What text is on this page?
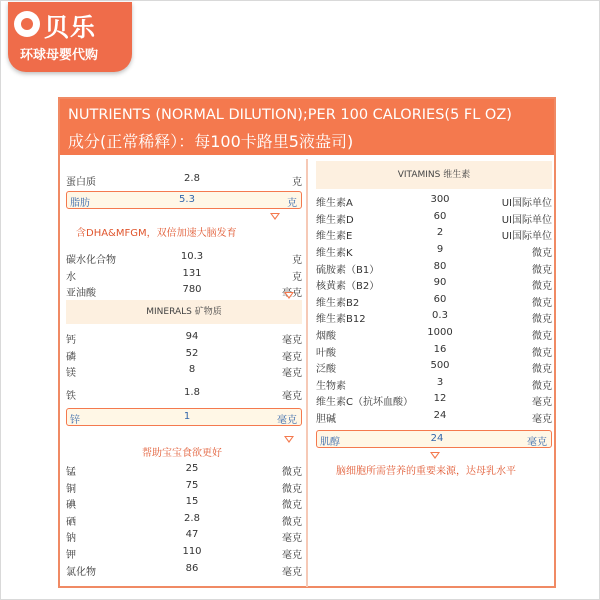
贝乐
环球母婴代购
NUTRIENTS (NORMAL DILUTION);PER 100 CALORIES(5 FL OZ)
成分(正常稀释）：每100卡路里5液盎司)
蛋白质	2.8	克
脂肪	5.3	克
含DHA&MFGM，双倍加速大脑发育
碳水化合物	10.3	克
水	131	克
亚油酸	780	毫克
MINERALS 矿物质
钙	94	毫克
磷	52	毫克
镁	8	毫克
铁	1.8	毫克
锌	1	毫克
帮助宝宝食欲更好
锰	25	微克
铜	75	微克
碘	15	微克
硒	2.8	微克
钠	47	毫克
钾	110	毫克
氯化物	86	毫克
VITAMINS 维生素
维生素A	300	UI国际单位
维生素D	60	UI国际单位
维生素E	2	UI国际单位
维生素K	9	微克
硫胺素（B1）	80	微克
核黄素（B2）	90	微克
维生素B2	60	微克
维生素B12	0.3	微克
烟酸	1000	微克
叶酸	16	微克
泛酸	500	微克
生物素	3	微克
维生素C（抗坏血酸）	12	毫克
胆碱	24	毫克
肌醇	24	毫克
脑细胞所需营养的重要来源，达母乳水平
